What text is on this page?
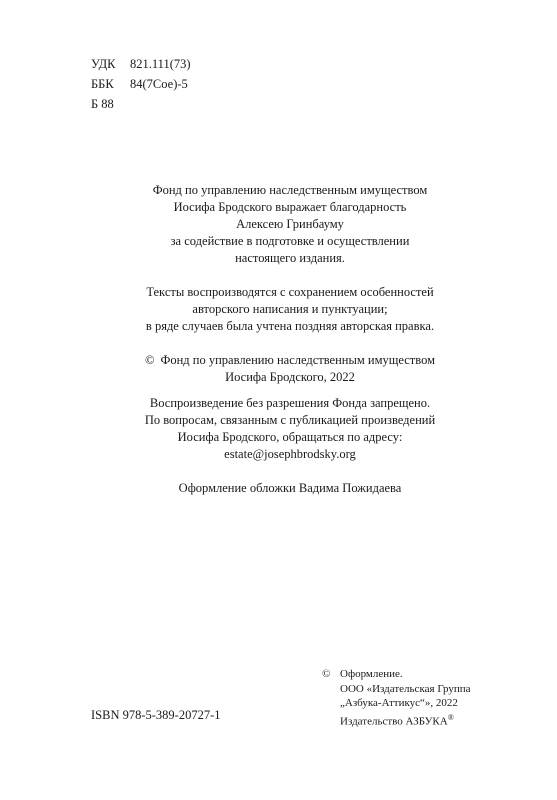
УДК	821.111(73)
ББК	84(7Сое)-5
Б 88
Фонд по управлению наследственным имуществом
Иосифа Бродского выражает благодарность
Алексею Гринбауму
за содействие в подготовке и осуществлении
настоящего издания.
Тексты воспроизводятся с сохранением особенностей
авторского написания и пунктуации;
в ряде случаев была учтена поздняя авторская правка.
© Фонд по управлению наследственным имуществом
Иосифа Бродского, 2022
Воспроизведение без разрешения Фонда запрещено.
По вопросам, связанным с публикацией произведений
Иосифа Бродского, обращаться по адресу:
estate@josephbrodsky.org
Оформление обложки Вадима Пожидаева
ISBN 978-5-389-20727-1
© Оформление.
ООО «Издательская Группа
„Азбука-Аттикус“», 2022
Издательство АЗБУКА®
